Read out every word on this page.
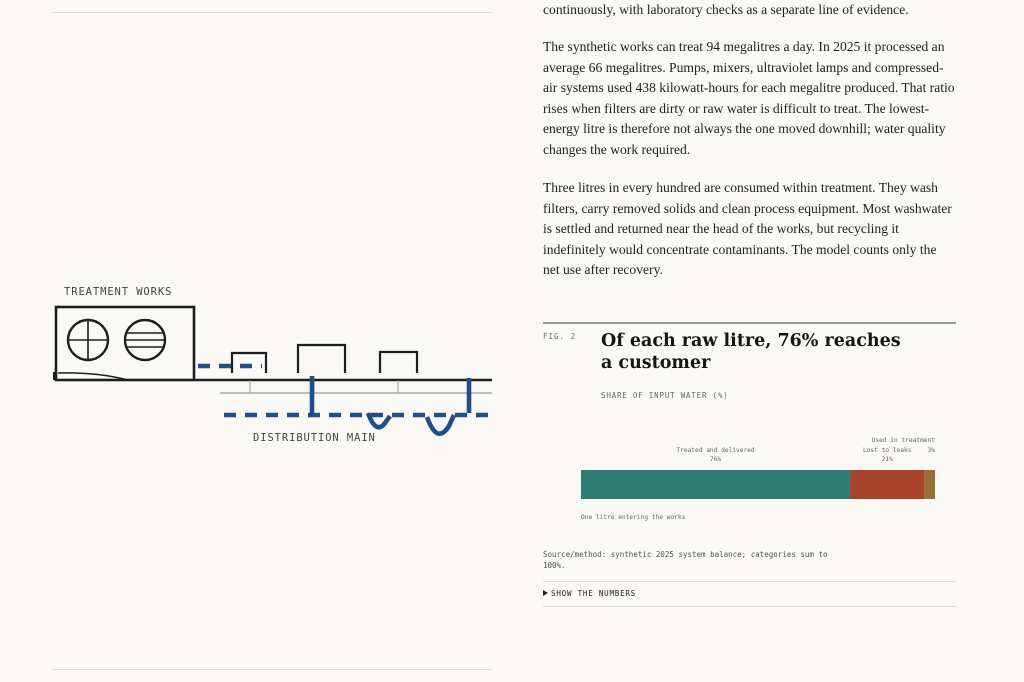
TREATMENT WORKS
DISTRIBUTION MAIN

continuously, with laboratory checks as a separate line of evidence.

The synthetic works can treat 94 megalitres a day. In 2025 it processed an average 66 megalitres. Pumps, mixers, ultraviolet lamps and compressed-air systems used 438 kilowatt-hours for each megalitre produced. That ratio rises when filters are dirty or raw water is difficult to treat. The lowest-energy litre is therefore not always the one moved downhill; water quality changes the work required.

Three litres in every hundred are consumed within treatment. They wash filters, carry removed solids and clean process equipment. Most washwater is settled and returned near the head of the works, but recycling it indefinitely would concentrate contaminants. The model counts only the net use after recovery.

FIG. 2 Of each raw litre, 76% reaches a customer
SHARE OF INPUT WATER (%)
Treated and delivered
76%
Lost to leaks
21%
Used in treatment
3%
One litre entering the works
Source/method: synthetic 2025 system balance; categories sum to 100%.
SHOW THE NUMBERS
